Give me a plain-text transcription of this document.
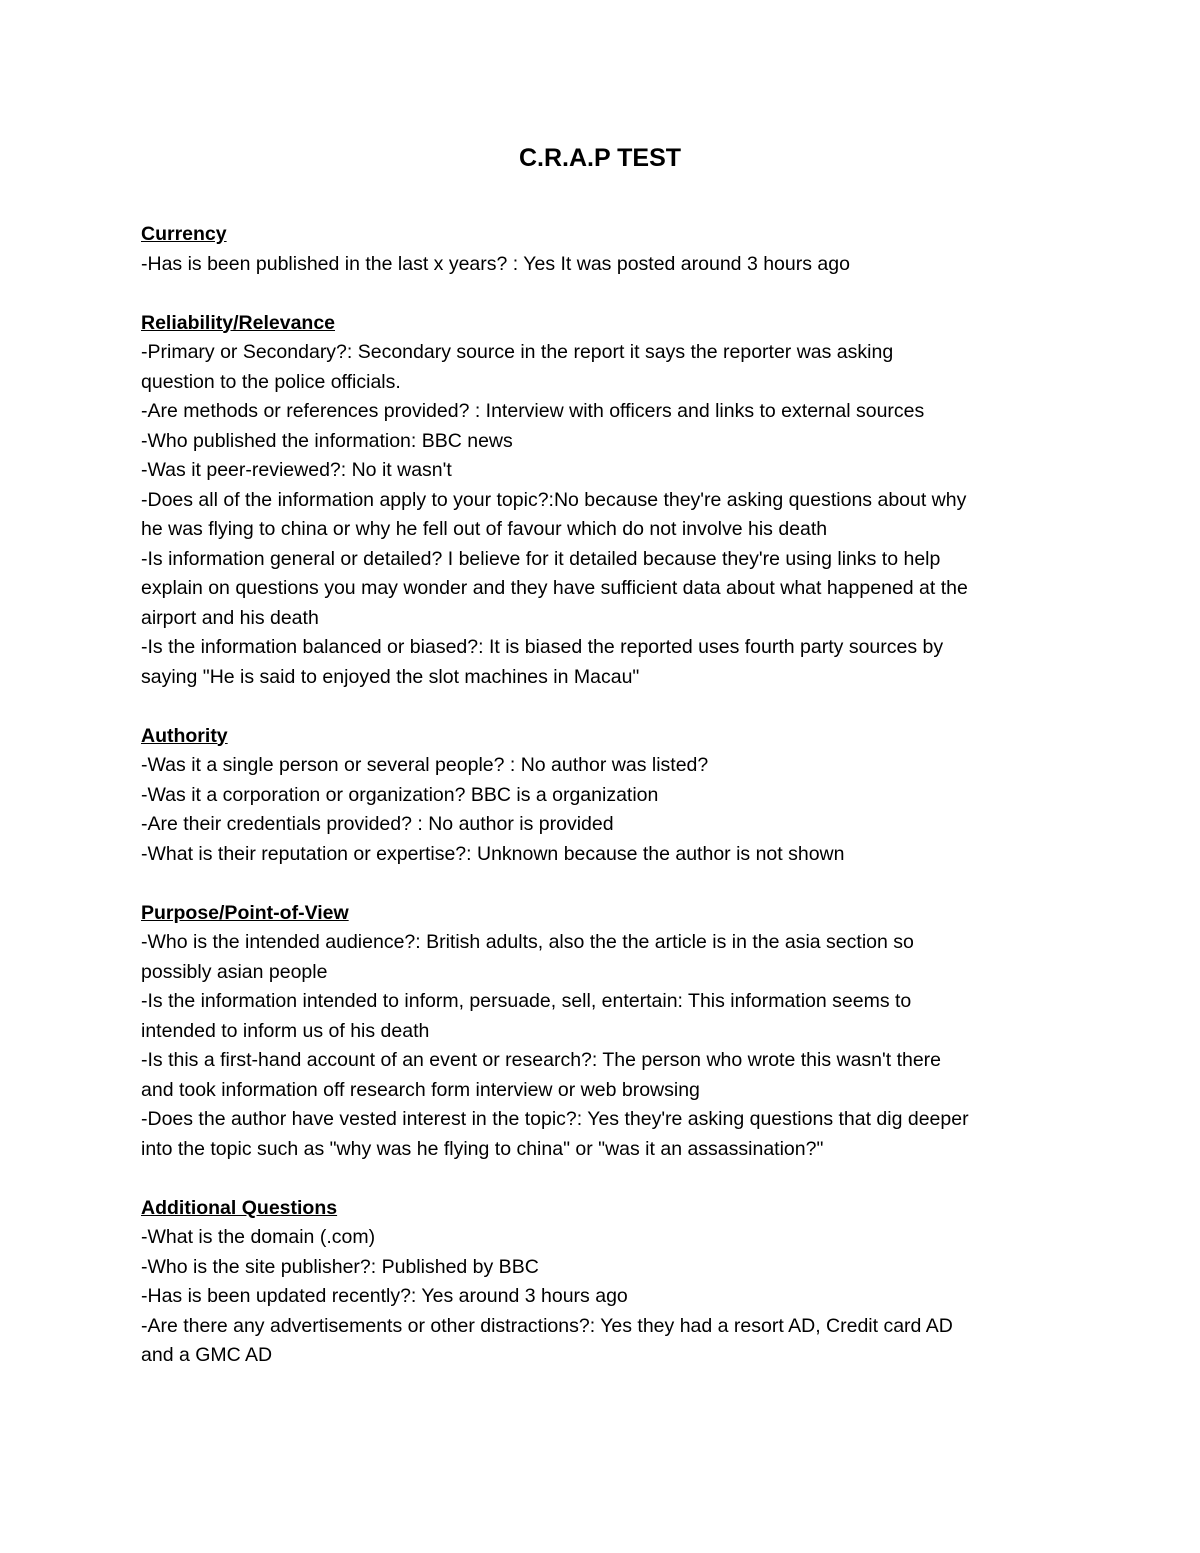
C.R.A.P TEST

Currency

-Has is been published in the last x years? : Yes It was posted around 3 hours ago

Reliability/Relevance

-Primary or Secondary?: Secondary source in the report it says the reporter was asking

question to the police officials.

-Are methods or references provided? : Interview with officers and links to external sources

-Who published the information: BBC news

-Was it peer-reviewed?: No it wasn't

-Does all of the information apply to your topic?:No because they're asking questions about why

he was flying to china or why he fell out of favour which do not involve his death

-Is information general or detailed? I believe for it detailed because they're using links to help

explain on questions you may wonder and they have sufficient data about what happened at the

airport and his death

-Is the information balanced or biased?: It is biased the reported uses fourth party sources by

saying "He is said to enjoyed the slot machines in Macau"

Authority

-Was it a single person or several people? : No author was listed?

-Was it a corporation or organization? BBC is a organization

-Are their credentials provided? : No author is provided

-What is their reputation or expertise?: Unknown because the author is not shown

Purpose/Point-of-View

-Who is the intended audience?: British adults, also the the article is in the asia section so

possibly asian people

-Is the information intended to inform, persuade, sell, entertain: This information seems to

intended to inform us of his death

-Is this a first-hand account of an event or research?: The person who wrote this wasn't there

and took information off research form interview or web browsing

-Does the author have vested interest in the topic?: Yes they're asking questions that dig deeper

into the topic such as "why was he flying to china" or "was it an assassination?"

Additional Questions

-What is the domain (.com)

-Who is the site publisher?: Published by BBC

-Has is been updated recently?: Yes around 3 hours ago

-Are there any advertisements or other distractions?: Yes they had a resort AD, Credit card AD

and a GMC AD
